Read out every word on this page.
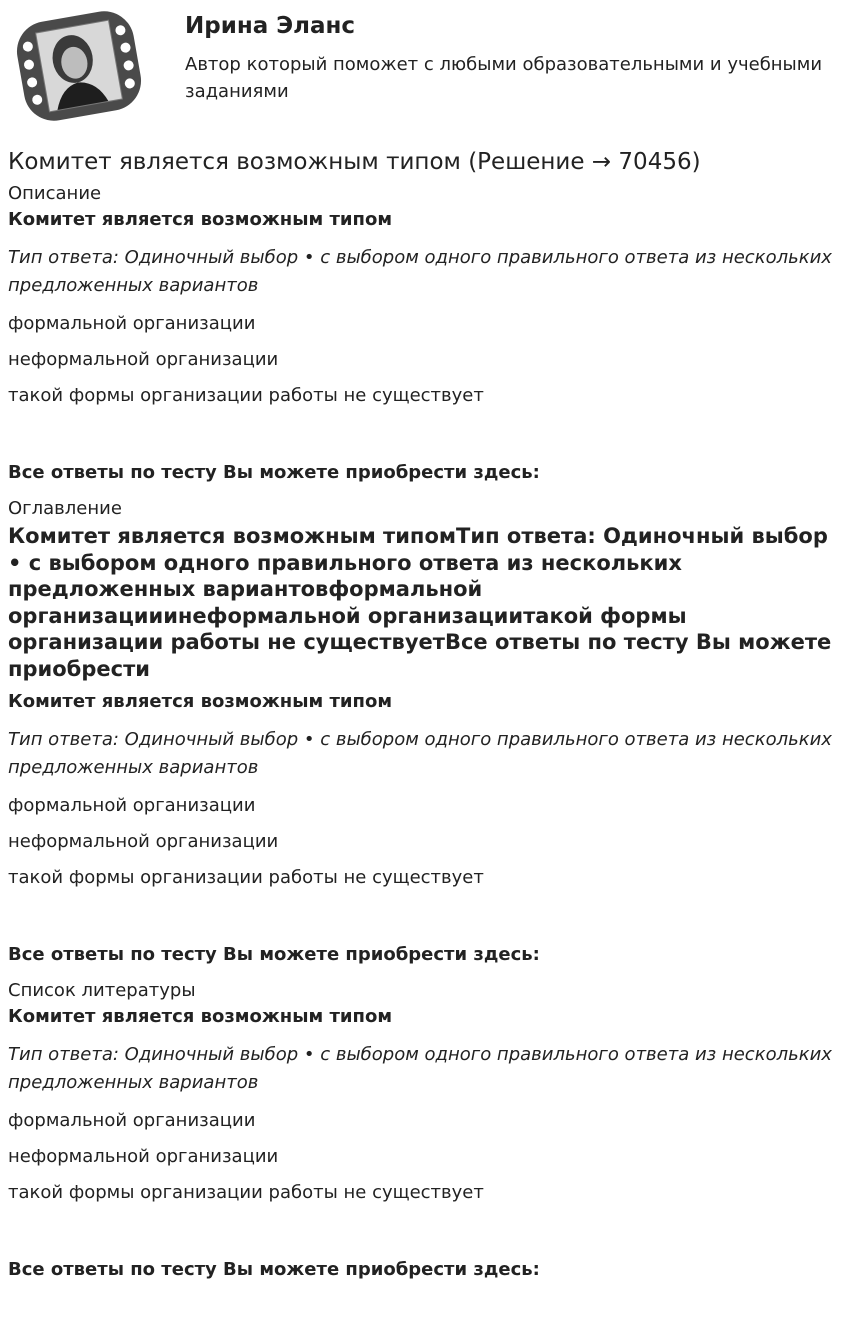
Ирина Эланс

Автор который поможет с любыми образовательными и учебными заданиями

Комитет является возможным типом (Решение → 70456)

Описание

Комитет является возможным типом

Тип ответа: Одиночный выбор • с выбором одного правильного ответа из нескольких предложенных вариантов

формальной организации

неформальной организации

такой формы организации работы не существует

Все ответы по тесту Вы можете приобрести здесь:

Оглавление

Комитет является возможным типомТип ответа: Одиночный выбор • с выбором одного правильного ответа из нескольких предложенных вариантовформальной организацииинеформальной организациитакой формы организации работы не существуетВсе ответы по тесту Вы можете приобрести

Комитет является возможным типом

Тип ответа: Одиночный выбор • с выбором одного правильного ответа из нескольких предложенных вариантов

формальной организации

неформальной организации

такой формы организации работы не существует

Все ответы по тесту Вы можете приобрести здесь:

Список литературы

Комитет является возможным типом

Тип ответа: Одиночный выбор • с выбором одного правильного ответа из нескольких предложенных вариантов

формальной организации

неформальной организации

такой формы организации работы не существует

Все ответы по тесту Вы можете приобрести здесь:
